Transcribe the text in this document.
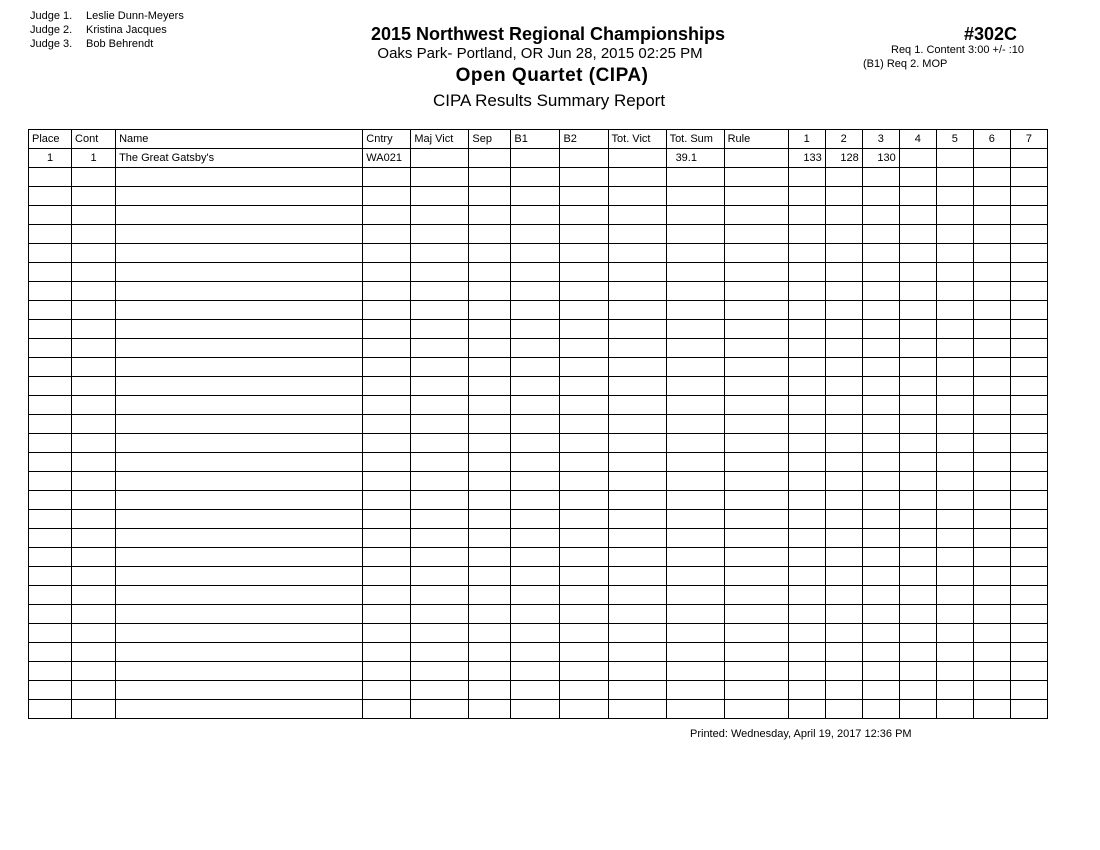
Judge 1. Leslie Dunn-Meyers
Judge 2. Kristina Jacques
Judge 3. Bob Behrendt	2015 Northwest Regional Championships
Oaks Park- Portland, OR Jun 28, 2015 02:25 PM
Open Quartet (CIPA)
CIPA Results Summary Report
#302C
Req 1. Content 3:00 +/- :10
(B1) Req 2. MOP
Place	Cont	Name	Cntry	Maj Vict	Sep	B1	B2	Tot. Vict	Tot. Sum	Rule	1	2	3	4	5	6	7
1	1	The Great Gatsby's	WA021						39.1		133	128	130				

Printed: Wednesday, April 19, 2017 12:36 PM
